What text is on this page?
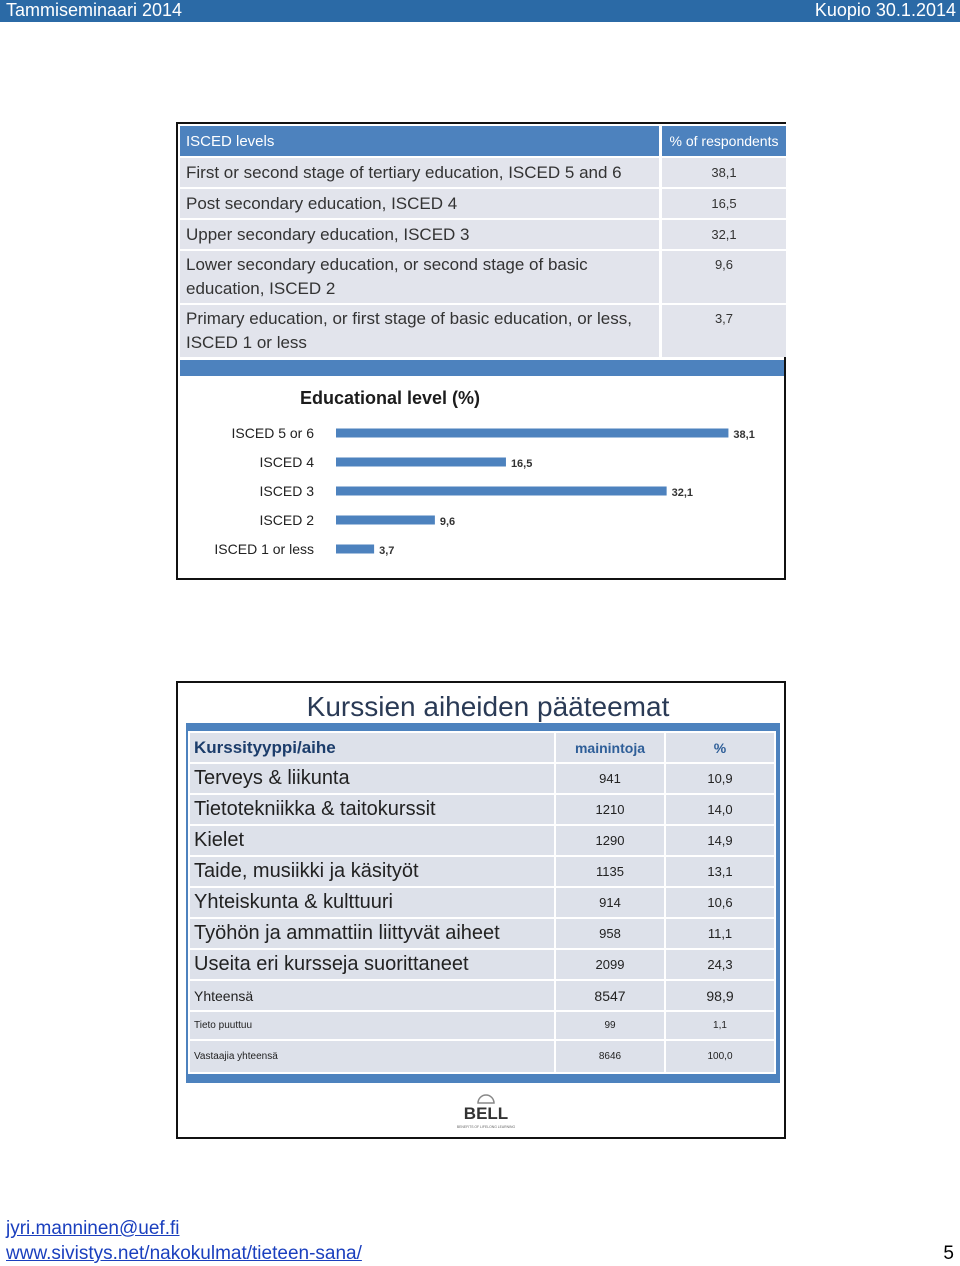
Tammiseminaari 2014	Kuopio 30.1.2014
ISCED levels	% of respondents
First or second stage of tertiary education, ISCED 5 and 6	38,1
Post secondary education, ISCED 4	16,5
Upper secondary education, ISCED 3	32,1
Lower secondary education, or second stage of basic education, ISCED 2	9,6
Primary education, or first stage of basic education, or less, ISCED 1 or less	3,7
Educational level (%)
ISCED 5 or 6	38,1
ISCED 4	16,5
ISCED 3	32,1
ISCED 2	9,6
ISCED 1 or less	3,7
Kurssien aiheiden pääteemat
Kurssityyppi/aihe	mainintoja	%
Terveys & liikunta	941	10,9
Tietotekniikka & taitokurssit	1210	14,0
Kielet	1290	14,9
Taide, musiikki ja käsityöt	1135	13,1
Yhteiskunta & kulttuuri	914	10,6
Työhön ja ammattiin liittyvät aiheet	958	11,1
Useita eri kursseja suorittaneet	2099	24,3
Yhteensä	8547	98,9
Tieto puuttuu	99	1,1
Vastaajia yhteensä	8646	100,0
BELL
BENEFITS OF LIFELONG LEARNING
jyri.manninen@uef.fi
www.sivistys.net/nakokulmat/tieteen-sana/	5
